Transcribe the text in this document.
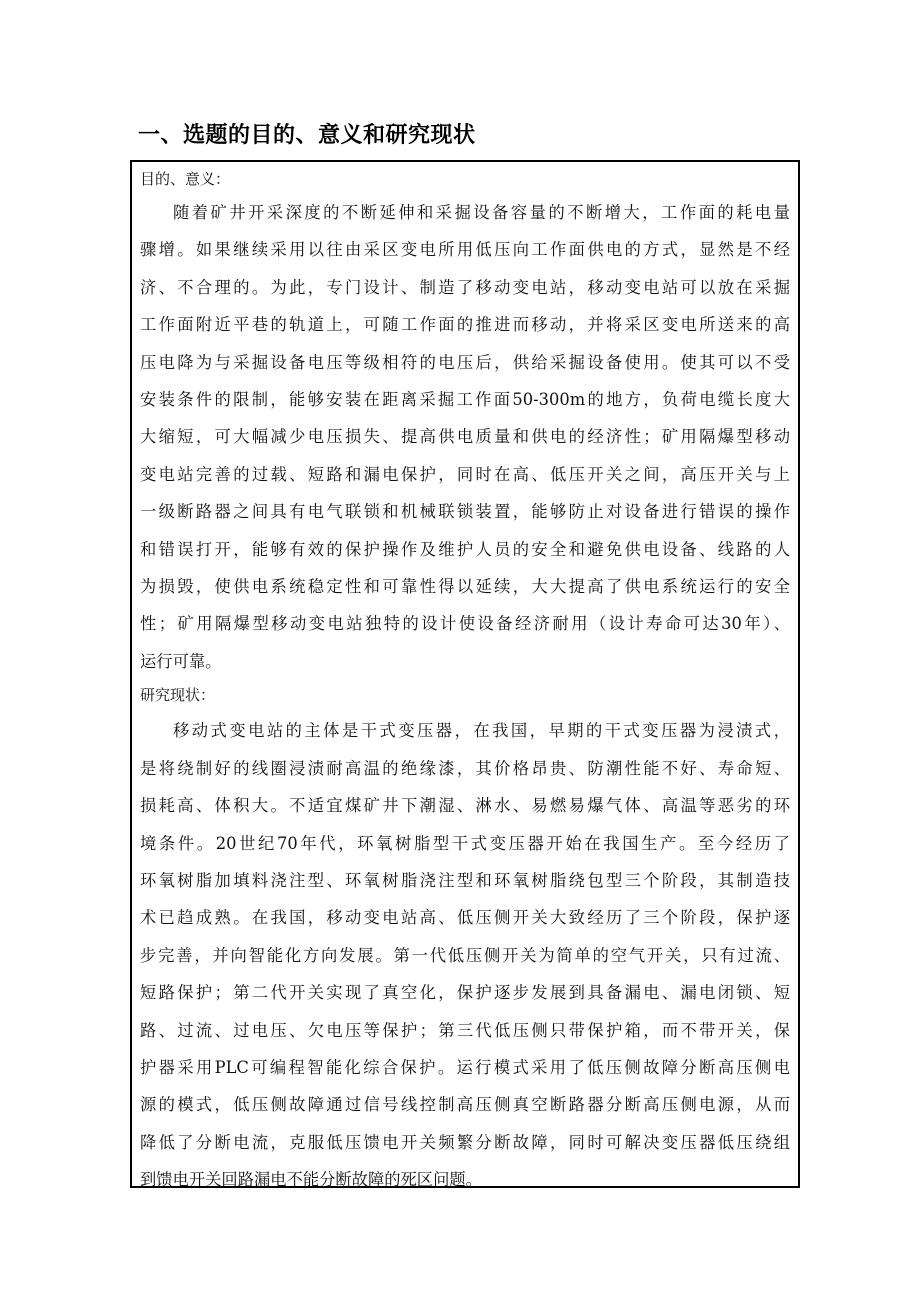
一、选题的目的、意义和研究现状

目的、意义：

随着矿井开采深度的不断延伸和采掘设备容量的不断增大，工作面的耗电量
骤增。如果继续采用以往由采区变电所用低压向工作面供电的方式，显然是不经
济、不合理的。为此，专门设计、制造了移动变电站，移动变电站可以放在采掘
工作面附近平巷的轨道上，可随工作面的推进而移动，并将采区变电所送来的高
压电降为与采掘设备电压等级相符的电压后，供给采掘设备使用。使其可以不受
安装条件的限制，能够安装在距离采掘工作面50-300m的地方，负荷电缆长度大
大缩短，可大幅减少电压损失、提高供电质量和供电的经济性；矿用隔爆型移动
变电站完善的过载、短路和漏电保护，同时在高、低压开关之间，高压开关与上
一级断路器之间具有电气联锁和机械联锁装置，能够防止对设备进行错误的操作
和错误打开，能够有效的保护操作及维护人员的安全和避免供电设备、线路的人
为损毁，使供电系统稳定性和可靠性得以延续，大大提高了供电系统运行的安全
性；矿用隔爆型移动变电站独特的设计使设备经济耐用（设计寿命可达30年）、
运行可靠。

研究现状：

移动式变电站的主体是干式变压器，在我国，早期的干式变压器为浸渍式，
是将绕制好的线圈浸渍耐高温的绝缘漆，其价格昂贵、防潮性能不好、寿命短、
损耗高、体积大。不适宜煤矿井下潮湿、淋水、易燃易爆气体、高温等恶劣的环
境条件。20世纪70年代，环氧树脂型干式变压器开始在我国生产。至今经历了
环氧树脂加填料浇注型、环氧树脂浇注型和环氧树脂绕包型三个阶段，其制造技
术已趋成熟。在我国，移动变电站高、低压侧开关大致经历了三个阶段，保护逐
步完善，并向智能化方向发展。第一代低压侧开关为简单的空气开关，只有过流、
短路保护；第二代开关实现了真空化，保护逐步发展到具备漏电、漏电闭锁、短
路、过流、过电压、欠电压等保护；第三代低压侧只带保护箱，而不带开关，保
护器采用PLC可编程智能化综合保护。运行模式采用了低压侧故障分断高压侧电
源的模式，低压侧故障通过信号线控制高压侧真空断路器分断高压侧电源，从而
降低了分断电流，克服低压馈电开关频繁分断故障，同时可解决变压器低压绕组
到馈电开关回路漏电不能分断故障的死区问题。
